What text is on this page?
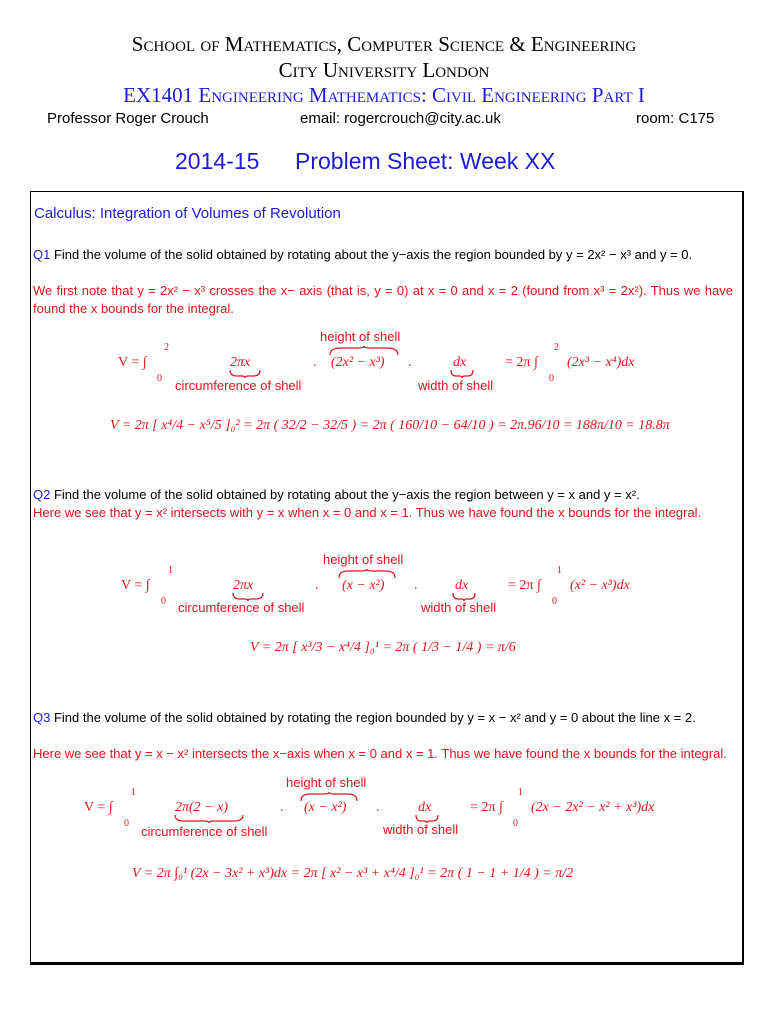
School of Mathematics, Computer Science & Engineering
City University London
EX1401 Engineering Mathematics: Civil Engineering Part I
Professor Roger Crouch	email: rogercrouch@city.ac.uk	room: C175
2014-15 Problem Sheet: Week XX
Calculus: Integration of Volumes of Revolution
Q1 Find the volume of the solid obtained by rotating about the y−axis the region bounded by y = 2x² − x³ and y = 0.
We first note that y = 2x² − x³ crosses the x− axis (that is, y = 0) at x = 0 and x = 2 (found from x³ = 2x²). Thus we have found the x bounds for the integral.
height of shell
V = ∫
2
0
2πx
circumference of shell
. (2x² − x³) .	dx
width of shell
= 2π ∫ (2x³ − x⁴)dx
2
0
V = 2π [ x⁴/4 − x⁵/5 ]₀² = 2π ( 32/2 − 32/5 ) = 2π ( 160/10 − 64/10 ) = 2π.96/10 = 188π/10 = 18.8π
Q2 Find the volume of the solid obtained by rotating about the y−axis the region between y = x and y = x².
Here we see that y = x² intersects with y = x when x = 0 and x = 1. Thus we have found the x bounds for the integral.
height of shell
V = ∫
1
0
2πx
circumference of shell
. (x − x²) .	dx
width of shell
= 2π ∫ (x² − x³)dx
1
0
V = 2π [ x³/3 − x⁴/4 ]₀¹ = 2π ( 1/3 − 1/4 ) = π/6
Q3 Find the volume of the solid obtained by rotating the region bounded by y = x − x² and y = 0 about the line x = 2.
Here we see that y = x − x² intersects the x−axis when x = 0 and x = 1. Thus we have found the x bounds for the integral.
height of shell
V = ∫
1
0
2π(2 − x)
circumference of shell
. (x − x²) .	dx
width of shell
= 2π ∫ (2x − 2x² − x² + x³)dx
1
0
V = 2π ∫₀¹ (2x − 3x² + x³)dx = 2π [ x² − x³ + x⁴/4 ]₀¹ = 2π ( 1 − 1 + 1/4 ) = π/2
